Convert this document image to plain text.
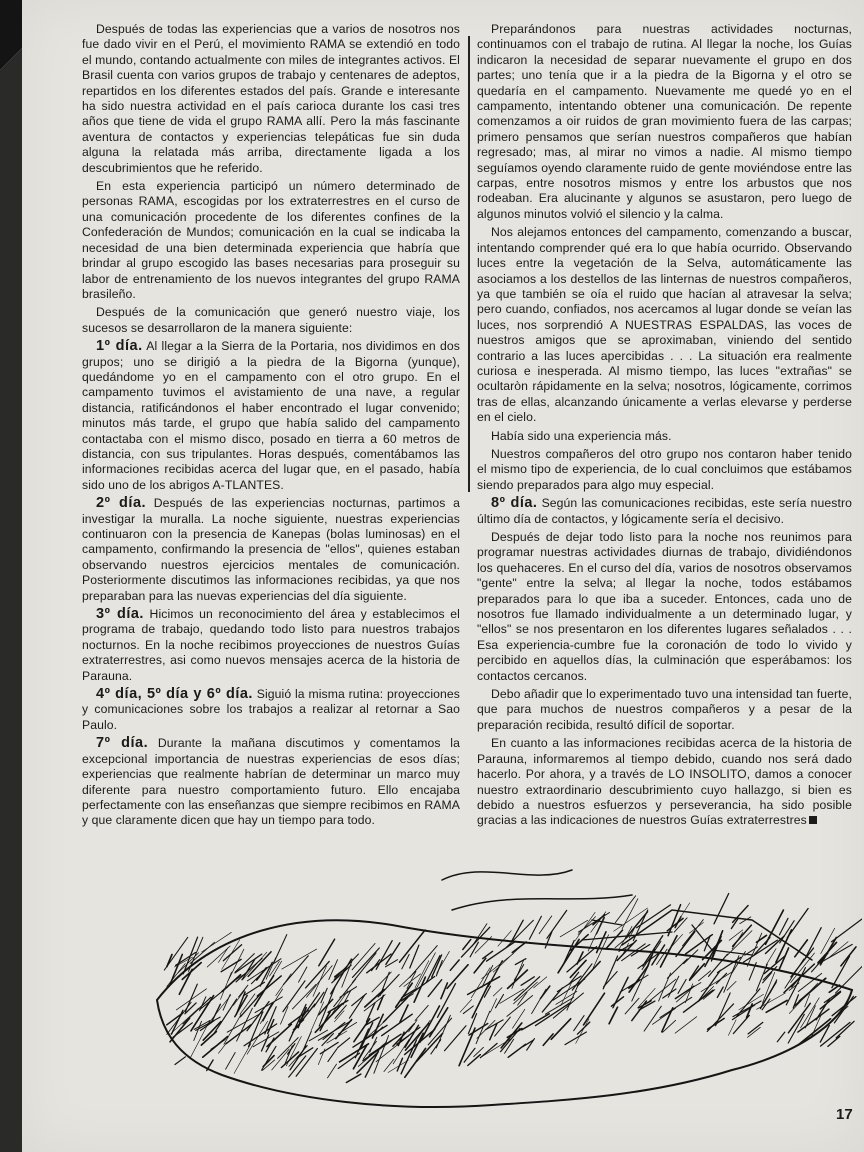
Después de todas las experiencias que a varios de nosotros nos fue dado vivir en el Perú, el movimiento RAMA se extendió en todo el mundo, contando actualmente con miles de integrantes activos. El Brasil cuenta con varios grupos de trabajo y centenares de adeptos, repartidos en los diferentes estados del país. Grande e interesante ha sido nuestra actividad en el país carioca durante los casi tres años que tiene de vida el grupo RAMA allí. Pero la más fascinante aventura de contactos y experiencias telepáticas fue sin duda alguna la relatada más arriba, directamente ligada a los descubrimientos que he referido.

En esta experiencia participó un número determinado de personas RAMA, escogidas por los extraterrestres en el curso de una comunicación procedente de los diferentes confines de la Confederación de Mundos; comunicación en la cual se indicaba la necesidad de una bien determinada experiencia que habría que brindar al grupo escogido las bases necesarias para proseguir su labor de entrenamiento de los nuevos integrantes del grupo RAMA brasileño.

Después de la comunicación que generó nuestro viaje, los sucesos se desarrollaron de la manera siguiente:

1º día. Al llegar a la Sierra de la Portaria, nos dividimos en dos grupos; uno se dirigió a la piedra de la Bigorna (yunque), quedándome yo en el campamento con el otro grupo. En el campamento tuvimos el avistamiento de una nave, a regular distancia, ratificándonos el haber encontrado el lugar convenido; minutos más tarde, el grupo que había salido del campamento contactaba con el mismo disco, posado en tierra a 60 metros de distancia, con sus tripulantes. Horas después, comentábamos las informaciones recibidas acerca del lugar que, en el pasado, había sido uno de los abrigos A-TLANTES.

2º día. Después de las experiencias nocturnas, partimos a investigar la muralla. La noche siguiente, nuestras experiencias continuaron con la presencia de Kanepas (bolas luminosas) en el campamento, confirmando la presencia de "ellos", quienes estaban observando nuestros ejercicios mentales de comunicación. Posteriormente discutimos las informaciones recibidas, ya que nos preparaban para las nuevas experiencias del día siguiente.

3º día. Hicimos un reconocimiento del área y establecimos el programa de trabajo, quedando todo listo para nuestros trabajos nocturnos. En la noche recibimos proyecciones de nuestros Guías extraterrestres, asi como nuevos mensajes acerca de la historia de Parauna.

4º día, 5º día y 6º día. Siguió la misma rutina: proyecciones y comunicaciones sobre los trabajos a realizar al retornar a Sao Paulo.

7º día. Durante la mañana discutimos y comentamos la excepcional importancia de nuestras experiencias de esos días; experiencias que realmente habrían de determinar un marco muy diferente para nuestro comportamiento futuro. Ello encajaba perfectamente con las enseñanzas que siempre recibimos en RAMA y que claramente dicen que hay un tiempo para todo.

Preparándonos para nuestras actividades nocturnas, continuamos con el trabajo de rutina. Al llegar la noche, los Guías indicaron la necesidad de separar nuevamente el grupo en dos partes; uno tenía que ir a la piedra de la Bigorna y el otro se quedaría en el campamento. Nuevamente me quedé yo en el campamento, intentando obtener una comunicación. De repente comenzamos a oir ruidos de gran movimiento fuera de las carpas; primero pensamos que serían nuestros compañeros que habían regresado; mas, al mirar no vimos a nadie. Al mismo tiempo seguíamos oyendo claramente ruido de gente moviéndose entre las carpas, entre nosotros mismos y entre los arbustos que nos rodeaban. Era alucinante y algunos se asustaron, pero luego de algunos minutos volvió el silencio y la calma.

Nos alejamos entonces del campamento, comenzando a buscar, intentando comprender qué era lo que había ocurrido. Observando luces entre la vegetación de la Selva, automáticamente las asociamos a los destellos de las linternas de nuestros compañeros, ya que también se oía el ruido que hacían al atravesar la selva; pero cuando, confiados, nos acercamos al lugar donde se veían las luces, nos sorprendió A NUESTRAS ESPALDAS, las voces de nuestros amigos que se aproximaban, viniendo del sentido contrario a las luces apercibidas . . . La situación era realmente curiosa e inesperada. Al mismo tiempo, las luces "extrañas" se ocultaròn rápidamente en la selva; nosotros, lógicamente, corrimos tras de ellas, alcanzando únicamente a verlas elevarse y perderse en el cielo.

Había sido una experiencia más.

Nuestros compañeros del otro grupo nos contaron haber tenido el mismo tipo de experiencia, de lo cual concluimos que estábamos siendo preparados para algo muy especial.

8º día. Según las comunicaciones recibidas, este sería nuestro último día de contactos, y lógicamente sería el decisivo.

Después de dejar todo listo para la noche nos reunimos para programar nuestras actividades diurnas de trabajo, dividiéndonos los quehaceres. En el curso del día, varios de nosotros observamos "gente" entre la selva; al llegar la noche, todos estábamos preparados para lo que iba a suceder. Entonces, cada uno de nosotros fue llamado individualmente a un determinado lugar, y "ellos" se nos presentaron en los diferentes lugares señalados . . . Esa experiencia-cumbre fue la coronación de todo lo vivido y percibido en aquellos días, la culminación que esperábamos: los contactos cercanos.

Debo añadir que lo experimentado tuvo una intensidad tan fuerte, que para muchos de nuestros compañeros y a pesar de la preparación recibida, resultó difícil de soportar.

En cuanto a las informaciones recibidas acerca de la historia de Parauna, informaremos al tiempo debido, cuando nos será dado hacerlo. Por ahora, y a través de LO INSOLITO, damos a conocer nuestro extraordinario descubrimiento cuyo hallazgo, si bien es debido a nuestros esfuerzos y perseverancia, ha sido posible gracias a las indicaciones de nuestros Guías extraterrestres

17
